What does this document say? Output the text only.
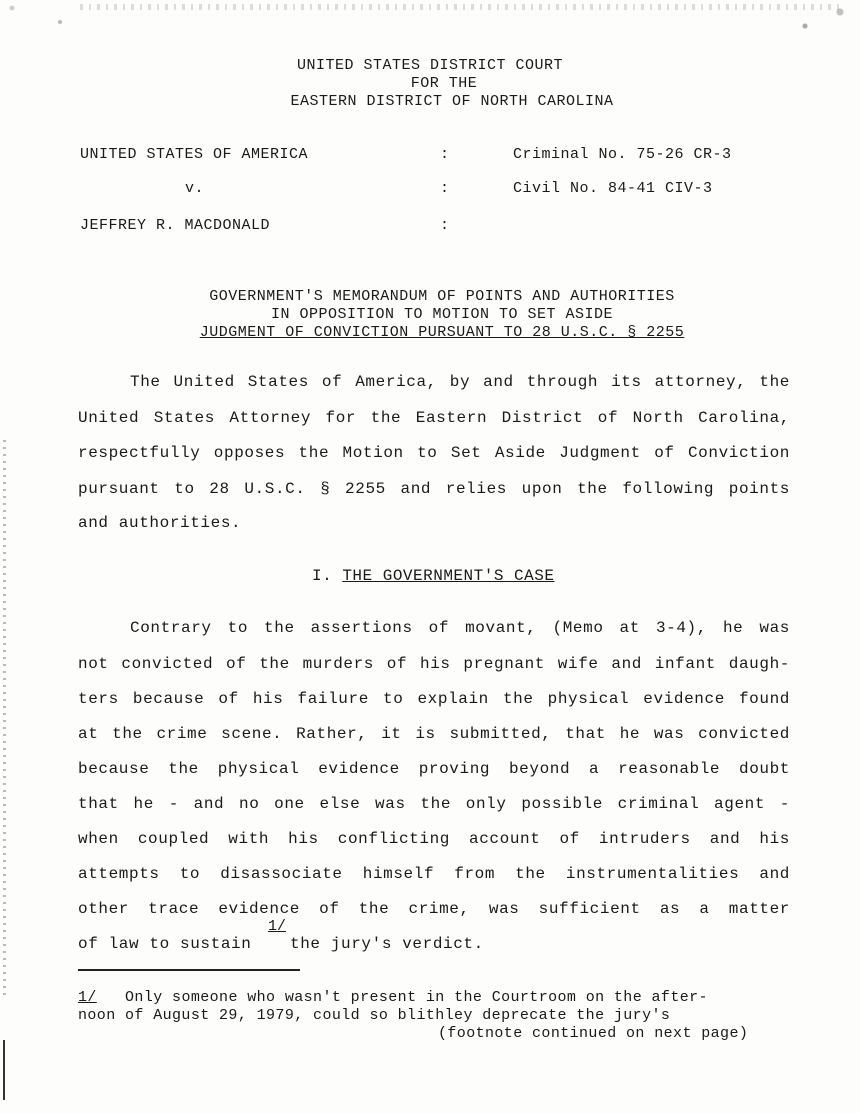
UNITED STATES DISTRICT COURT
FOR THE
EASTERN DISTRICT OF NORTH CAROLINA
UNITED STATES OF AMERICA
v.
JEFFREY R. MACDONALD
:
:
:
Criminal No. 75-26 CR-3
Civil No. 84-41 CIV-3
GOVERNMENT'S MEMORANDUM OF POINTS AND AUTHORITIES
IN OPPOSITION TO MOTION TO SET ASIDE
JUDGMENT OF CONVICTION PURSUANT TO 28 U.S.C. § 2255
The United States of America, by and through its attorney, the
United States Attorney for the Eastern District of North Carolina,
respectfully opposes the Motion to Set Aside Judgment of Conviction
pursuant to 28 U.S.C. § 2255 and relies upon the following points
and authorities.
I. THE GOVERNMENT'S CASE
Contrary to the assertions of movant, (Memo at 3-4), he was
not convicted of the murders of his pregnant wife and infant daugh-
ters because of his failure to explain the physical evidence found
at the crime scene. Rather, it is submitted, that he was convicted
because the physical evidence proving beyond a reasonable doubt
that he - and no one else was the only possible criminal agent -
when coupled with his conflicting account of intruders and his
attempts to disassociate himself from the instrumentalities and
other trace evidence of the crime, was sufficient as a matter
of law to sustain
1/
the jury's verdict.
1/ Only someone who wasn't present in the Courtroom on the after-
noon of August 29, 1979, could so blithley deprecate the jury's
(footnote continued on next page)
